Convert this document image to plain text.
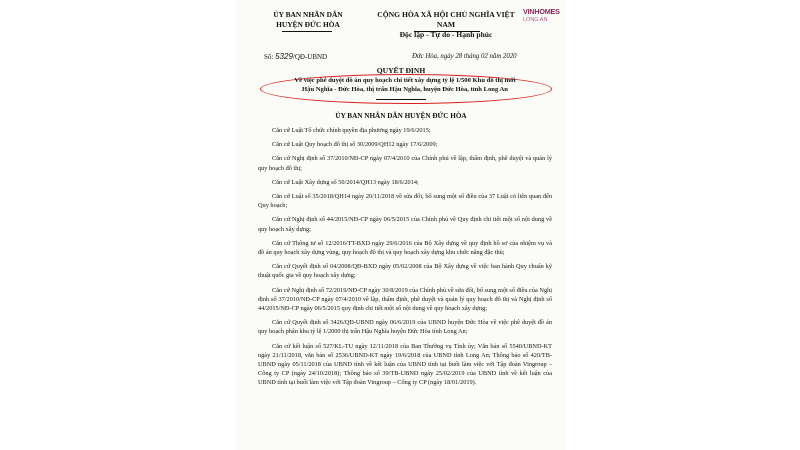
ỦY BAN NHÂN DÂN
HUYỆN ĐỨC HÒA
CỘNG HÒA XÃ HỘI CHỦ NGHĨA VIỆT NAM
Độc lập - Tự do - Hạnh phúc
VINHOMES
LONG AN
Số: 5329/QĐ-UBND	Đức Hòa, ngày 28 tháng 02 năm 2020
QUYẾT ĐỊNH
Về việc phê duyệt đồ án quy hoạch chi tiết xây dựng tỷ lệ 1/500 Khu đô thị mới
Hậu Nghĩa - Đức Hòa, thị trấn Hậu Nghĩa, huyện Đức Hòa, tỉnh Long An
ỦY BAN NHÂN DÂN HUYỆN ĐỨC HÒA

Căn cứ Luật Tổ chức chính quyền địa phương ngày 19/6/2015;

Căn cứ Luật Quy hoạch đô thị số 30/2009/QH12 ngày 17/6/2009;

Căn cứ Nghị định số 37/2010/NĐ-CP ngày 07/4/2010 của Chính phủ về lập, thẩm định, phê duyệt và quản lý quy hoạch đô thị;

Căn cứ Luật Xây dựng số 50/2014/QH13 ngày 18/6/2014;

Căn cứ Luật số 35/2018/QH14 ngày 20/11/2018 về sửa đổi, bổ sung một số điều của 37 Luật có liên quan đến Quy hoạch;

Căn cứ Nghị định số 44/2015/NĐ-CP ngày 06/5/2015 của Chính phủ về Quy định chi tiết một số nội dung về quy hoạch xây dựng;

Căn cứ Thông tư số 12/2016/TT-BXD ngày 29/6/2016 của Bộ Xây dựng về quy định hồ sơ của nhiệm vụ và đồ án quy hoạch xây dựng vùng, quy hoạch đô thị và quy hoạch xây dựng khu chức năng đặc thù;

Căn cứ Quyết định số 04/2008/QĐ-BXD ngày 05/02/2008 của Bộ Xây dựng về việc ban hành Quy chuẩn kỹ thuật quốc gia về quy hoạch xây dựng;

Căn cứ Nghị định số 72/2019/NĐ-CP ngày 30/8/2019 của Chính phủ về sửa đổi, bổ sung một số điều của Nghị định số 37/2010/NĐ-CP ngày 07/4/2010 về lập, thẩm định, phê duyệt và quản lý quy hoạch đô thị và Nghị định số 44/2015/NĐ-CP ngày 06/5/2015 quy định chi tiết một số nội dung về quy hoạch xây dựng;

Căn cứ Quyết định số 3426/QĐ-UBND ngày 06/6/2019 của UBND huyện Đức Hòa về việc phê duyệt đồ án quy hoạch phân khu tỷ lệ 1/2000 thị trấn Hậu Nghĩa huyện Đức Hòa tỉnh Long An;

Căn cứ kết luận số 527/KL-TU ngày 12/11/2018 của Ban Thường vụ Tỉnh ủy; Văn bản số 5540/UBND-KT ngày 21/11/2018, văn bản số 2536/UBND-KT ngày 19/6/2018 của UBND tỉnh Long An; Thông báo số 420/TB-UBND ngày 05/11/2018 của UBND tỉnh về kết luận của UBND tỉnh tại buổi làm việc với Tập đoàn Vingroup – Công ty CP (ngày 24/10/2018); Thông báo số 39/TB-UBND ngày 25/02/2019 của UBND tỉnh về kết luận của UBND tỉnh tại buổi làm việc với Tập đoàn Vingroup – Công ty CP (ngày 18/01/2019).
